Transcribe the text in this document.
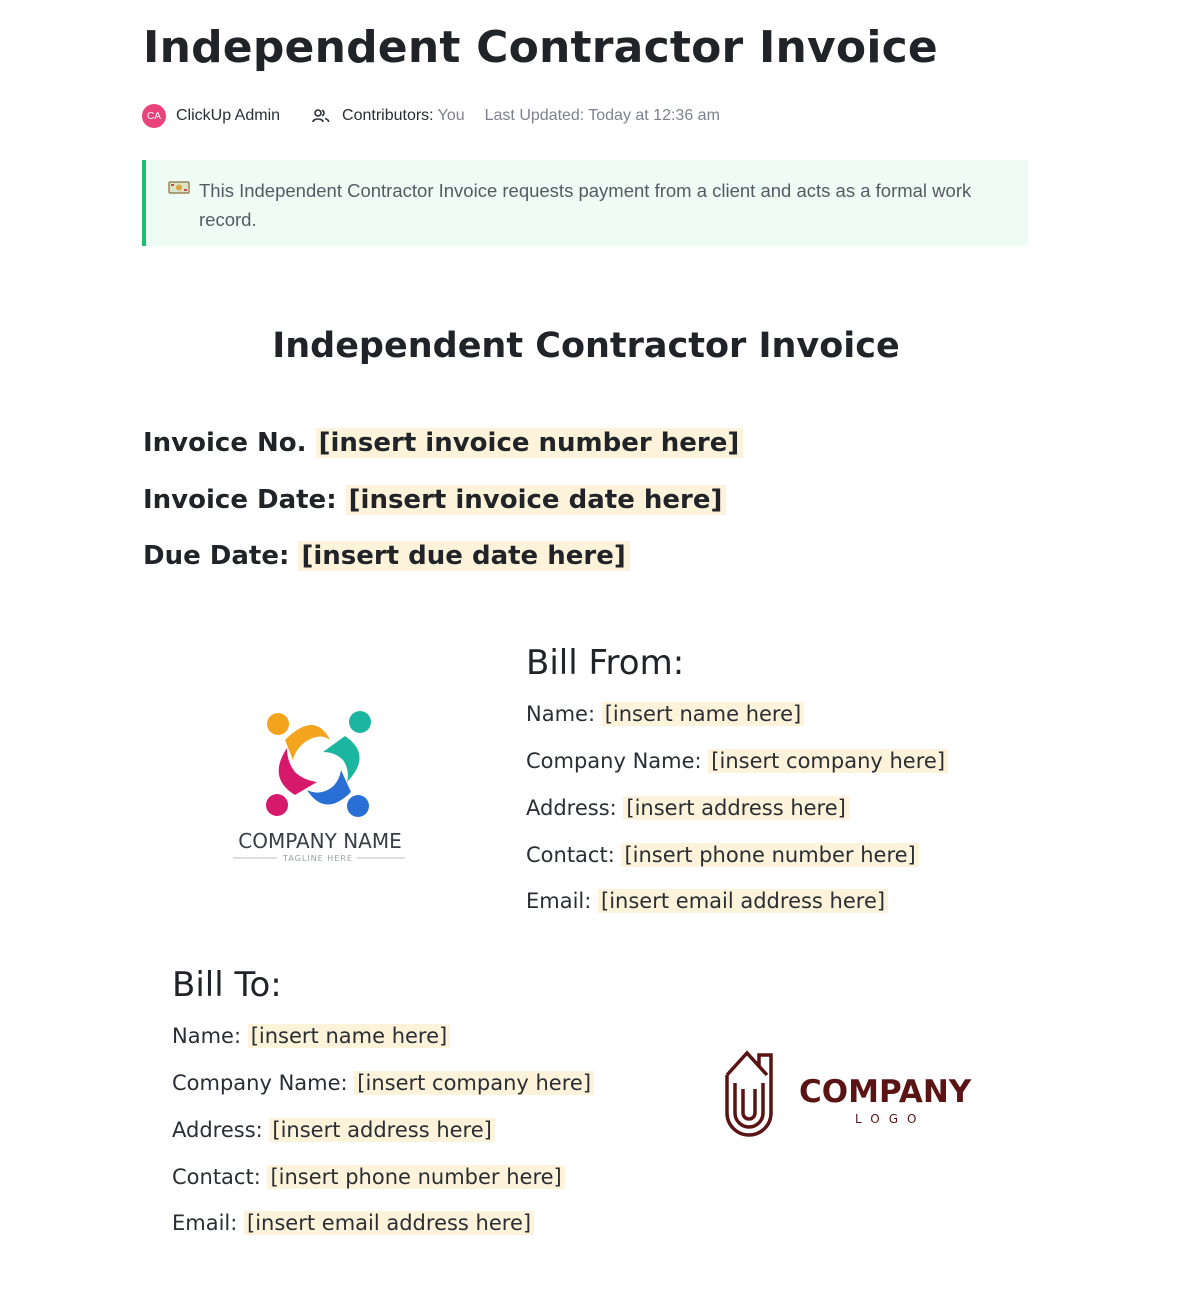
Independent Contractor Invoice
CA ClickUp Admin	Contributors: You Last Updated: Today at 12:36 am
This Independent Contractor Invoice requests payment from a client and acts as a formal work record.
Independent Contractor Invoice
Invoice No. [insert invoice number here]
Invoice Date: [insert invoice date here]
Due Date: [insert due date here]
COMPANY NAME
TAGLINE HERE
Bill From:
Name: [insert name here]
Company Name: [insert company here]
Address: [insert address here]
Contact: [insert phone number here]
Email: [insert email address here]
Bill To:
Name: [insert name here]
Company Name: [insert company here]
Address: [insert address here]
Contact: [insert phone number here]
Email: [insert email address here]
COMPANY
LOGO
